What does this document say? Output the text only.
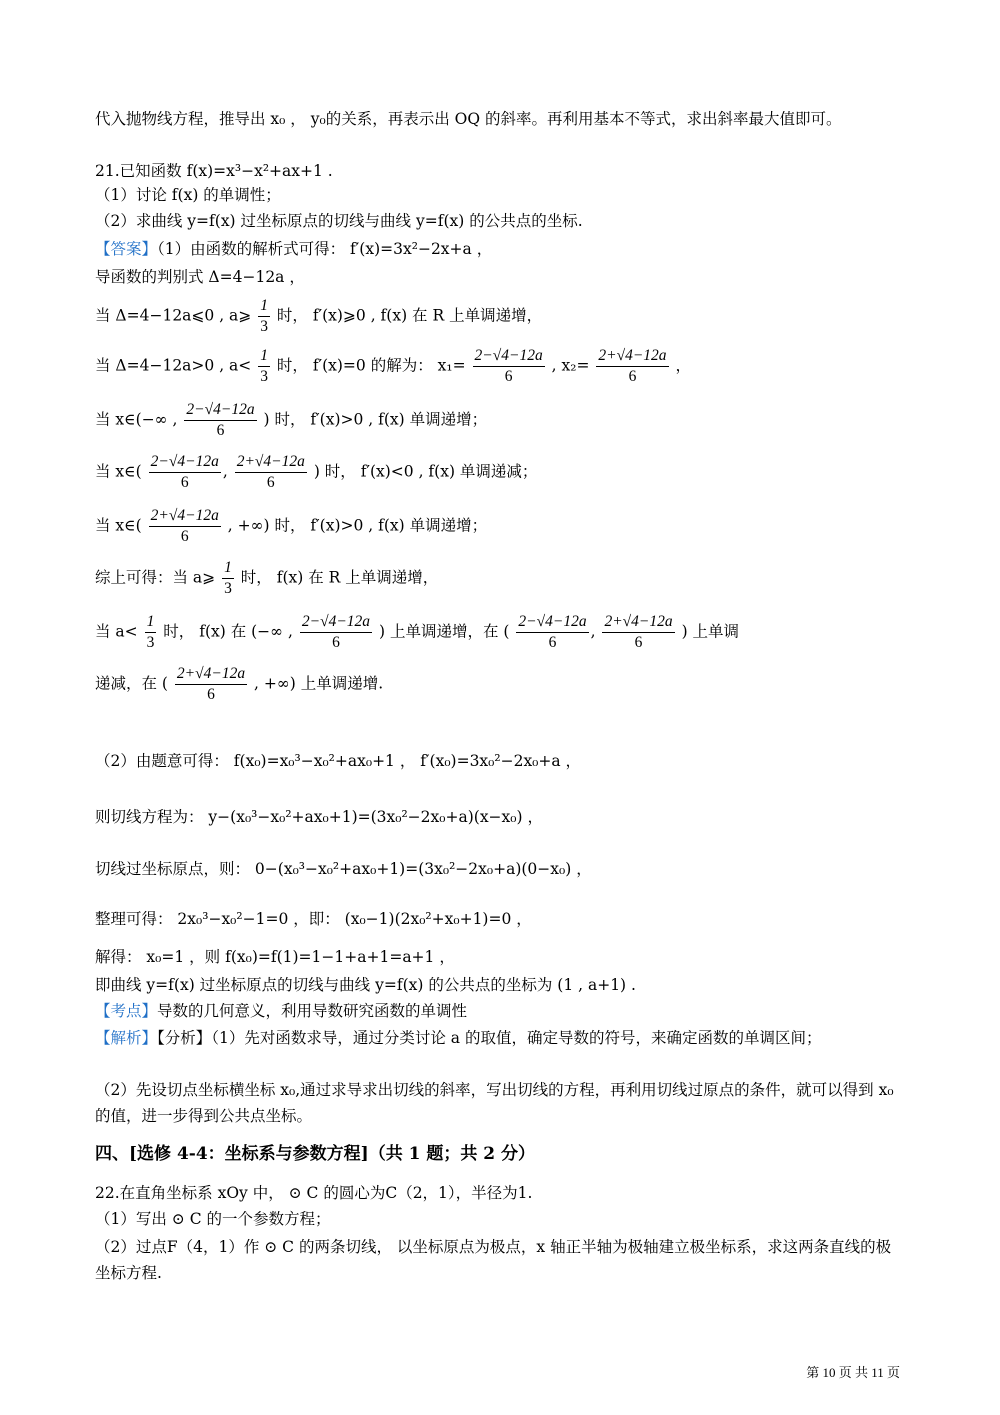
代入抛物线方程，推导出 x₀ ， y₀的关系，再表示出 OQ 的斜率。再利用基本不等式，求出斜率最大值即可。
21.已知函数 f(x)=x³−x²+ax+1 .
（1）讨论 f(x) 的单调性；
（2）求曲线 y=f(x) 过坐标原点的切线与曲线 y=f(x) 的公共点的坐标.
【答案】（1）由函数的解析式可得： f′(x)=3x²−2x+a ，
导函数的判别式 Δ=4−12a ，
当 Δ=4−12a⩽0 , a⩾ $\frac{1}{3}$ 时， f′(x)⩾0 , f(x) 在 R 上单调递增，
当 Δ=4−12a>0 , $a< \frac{1}{3}$ 时， f′(x)=0 的解为： $x_1= \frac{2-√4-12a}{6}$ , $x_2= \frac{2+√4-12a}{6}$ ，
当 x∈(−∞ , $\frac{2-√4-12a}{6}$ ) 时， f′(x)>0 , f(x) 单调递增；
当 x∈( $\frac{2-√4-12a}{6}$ , $\frac{2+√4-12a}{6}$ ) 时， f′(x)<0 , f(x) 单调递减；
当 x∈( $\frac{2+√4-12a}{6}$ , +∞) 时， f′(x)>0 , f(x) 单调递增；
综上可得：当 a⩾ $\frac{1}{3}$ 时， f(x) 在 R 上单调递增，
当 $a< \frac{1}{3}$ 时， f(x) 在 (−∞ , $\frac{2-√4-12a}{6}$ ) 上单调递增，在 ( $\frac{2-√4-12a}{6}$ , $\frac{2+√4-12a}{6}$ ) 上单调
递减，在 ( $\frac{2+√4-12a}{6}$ , +∞) 上单调递增.
（2）由题意可得： f(x₀)=x₀³−x₀²+ax₀+1 ， f′(x₀)=3x₀²−2x₀+a ，
则切线方程为： y−(x₀³−x₀²+ax₀+1)=(3x₀²−2x₀+a)(x−x₀) ，
切线过坐标原点，则： 0−(x₀³−x₀²+ax₀+1)=(3x₀²−2x₀+a)(0−x₀) ，
整理可得： 2x₀³−x₀²−1=0 ，即： (x₀−1)(2x₀²+x₀+1)=0 ，
解得： x₀=1 ，则 f(x₀)=f(1)=1−1+a+1=a+1 ，
即曲线 y=f(x) 过坐标原点的切线与曲线 y=f(x) 的公共点的坐标为 (1 , a+1) .
【考点】导数的几何意义，利用导数研究函数的单调性
【解析】【分析】（1）先对函数求导，通过分类讨论 a 的取值，确定导数的符号，来确定函数的单调区间；
（2）先设切点坐标横坐标 x₀,通过求导求出切线的斜率，写出切线的方程，再利用切线过原点的条件，就可以得到 x₀ 的值，进一步得到公共点坐标。
四、[选修 4-4：坐标系与参数方程]（共 1 题；共 2 分）
22.在直角坐标系 xOy 中， ⊙ C 的圆心为C（2，1），半径为1.
（1）写出 ⊙ C 的一个参数方程；
（2）过点F（4，1）作 ⊙ C 的两条切线， 以坐标原点为极点，x 轴正半轴为极轴建立极坐标系，求这两条直线的极坐标方程.
第 10 页 共 11 页
